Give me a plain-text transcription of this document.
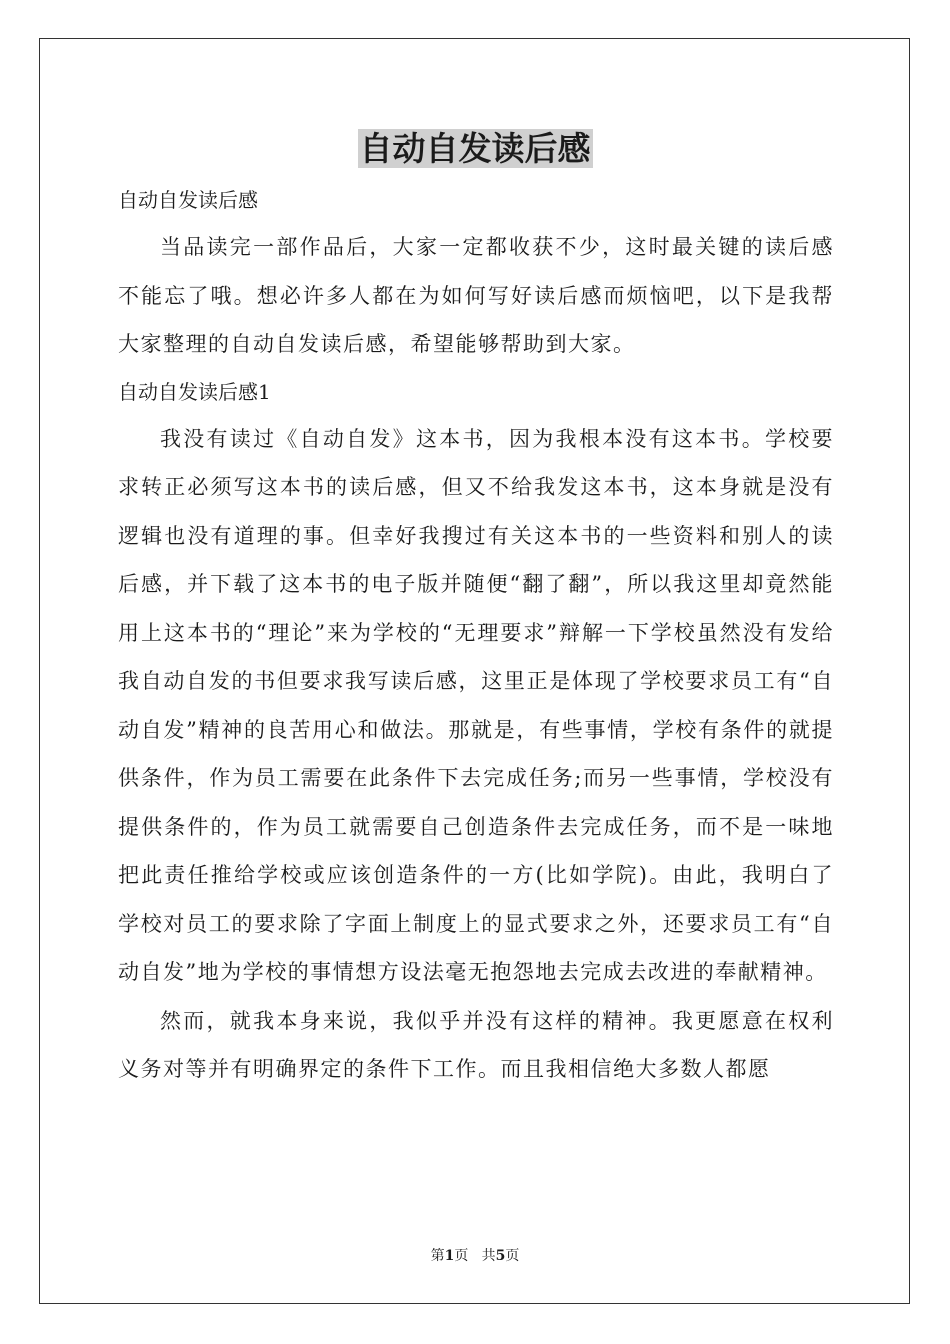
自动自发读后感

自动自发读后感

当品读完一部作品后，大家一定都收获不少，这时最关键的读后感不能忘了哦。想必许多人都在为如何写好读后感而烦恼吧，以下是我帮大家整理的自动自发读后感，希望能够帮助到大家。

自动自发读后感1

我没有读过《自动自发》这本书，因为我根本没有这本书。学校要求转正必须写这本书的读后感，但又不给我发这本书，这本身就是没有逻辑也没有道理的事。但幸好我搜过有关这本书的一些资料和别人的读后感，并下载了这本书的电子版并随便“翻了翻”，所以我这里却竟然能用上这本书的“理论”来为学校的“无理要求”辩解一下学校虽然没有发给我自动自发的书但要求我写读后感，这里正是体现了学校要求员工有“自动自发”精神的良苦用心和做法。那就是，有些事情，学校有条件的就提供条件，作为员工需要在此条件下去完成任务;而另一些事情，学校没有提供条件的，作为员工就需要自己创造条件去完成任务，而不是一味地把此责任推给学校或应该创造条件的一方(比如学院)。由此，我明白了学校对员工的要求除了字面上制度上的显式要求之外，还要求员工有“自动自发”地为学校的事情想方设法毫无抱怨地去完成去改进的奉献精神。

然而，就我本身来说，我似乎并没有这样的精神。我更愿意在权利义务对等并有明确界定的条件下工作。而且我相信绝大多数人都愿

第1页 共5页
